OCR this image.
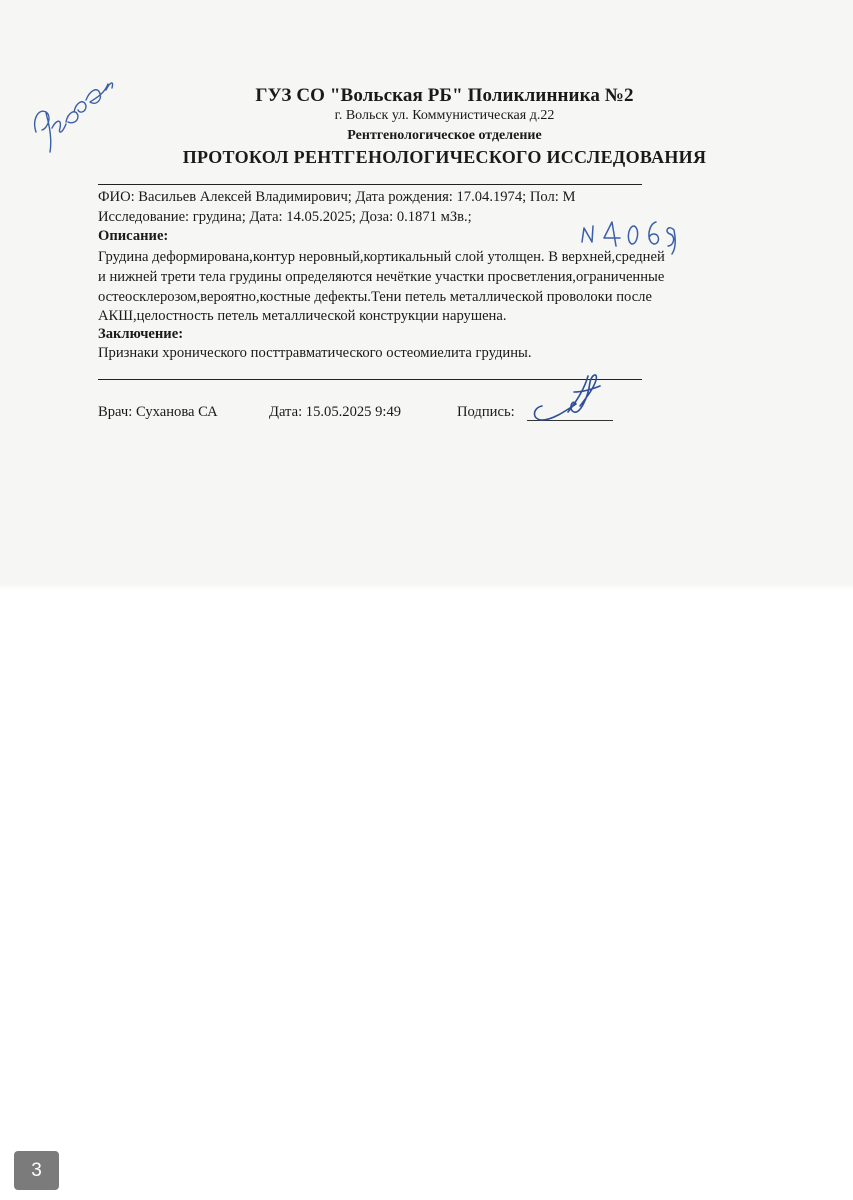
ГУЗ СО "Вольская РБ" Поликлинника №2
г. Вольск ул. Коммунистическая д.22
Рентгенологическое отделение
ПРОТОКОЛ РЕНТГЕНОЛОГИЧЕСКОГО ИССЛЕДОВАНИЯ
ФИО: Васильев Алексей Владимирович; Дата рождения: 17.04.1974; Пол: М
Исследование: грудина; Дата: 14.05.2025; Доза: 0.1871 мЗв.;
Описание:
Грудина деформирована,контур неровный,кортикальный слой утолщен. В верхней,средней
и нижней трети тела грудины определяются нечёткие участки просветления,ограниченные
остеосклерозом,вероятно,костные дефекты.Тени петель металлической проволоки после
АКШ,целостность петель металлической конструкции нарушена.
Заключение:
Признаки хронического посттравматического остеомиелита грудины.
Врач: Суханова СА	Дата: 15.05.2025 9:49	Подпись:
3
